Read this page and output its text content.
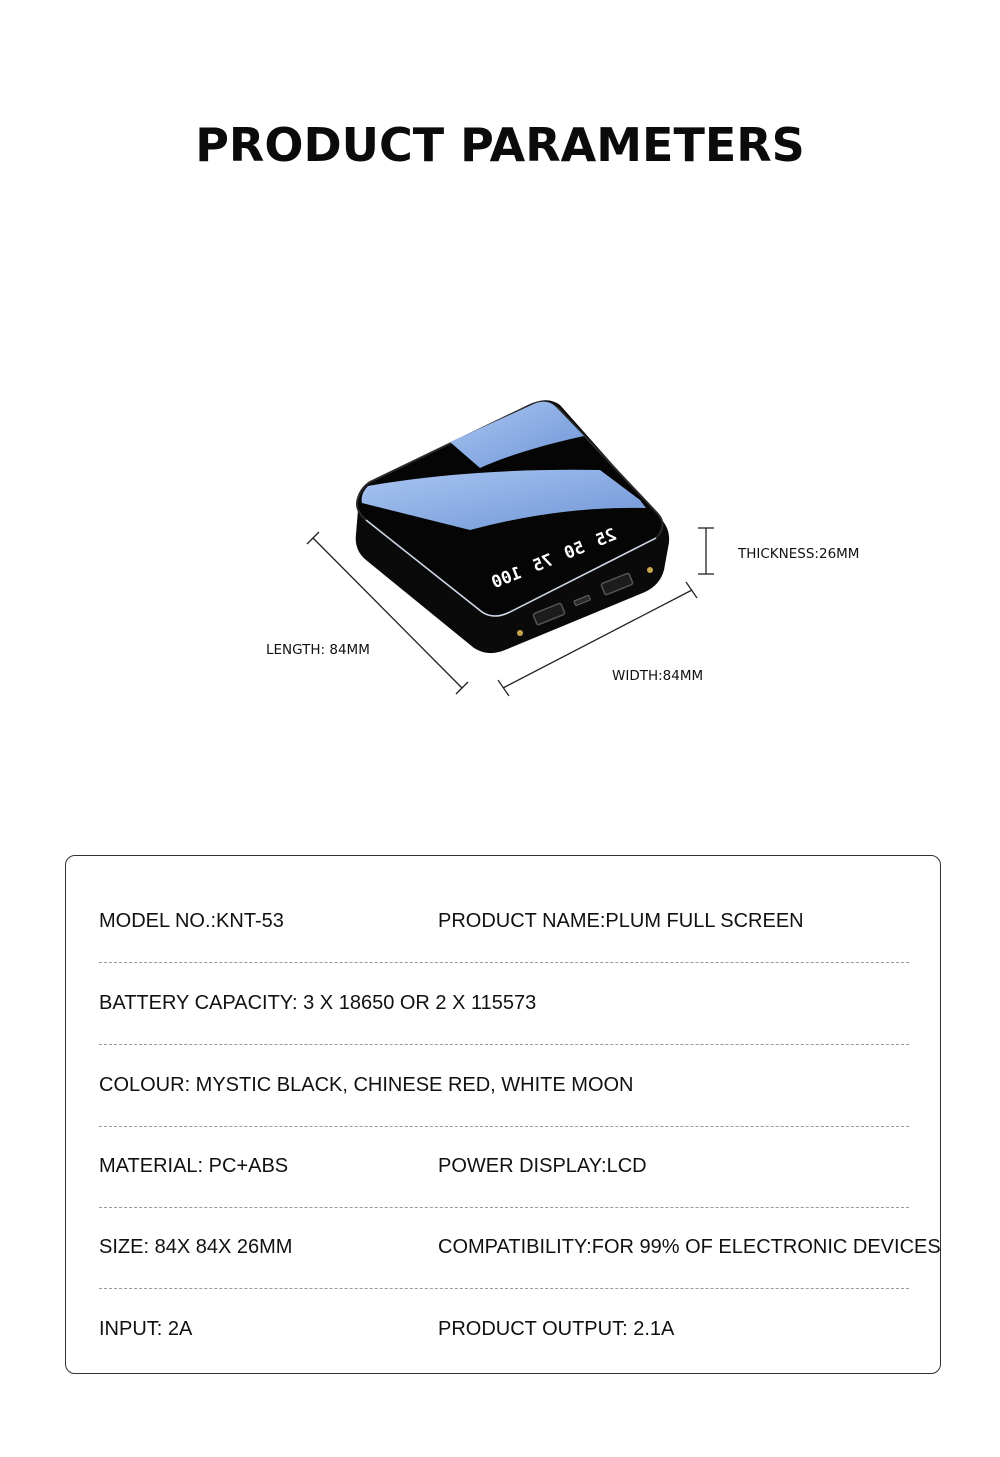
PRODUCT PARAMETERS
25
50
75
100
THICKNESS:26MM
LENGTH: 84MM
WIDTH:84MM
MODEL NO.:KNT-53	PRODUCT NAME:PLUM FULL SCREEN
BATTERY CAPACITY: 3 X 18650 OR 2 X 115573
COLOUR: MYSTIC BLACK, CHINESE RED, WHITE MOON
MATERIAL: PC+ABS	POWER DISPLAY:LCD
SIZE: 84X 84X 26MM	COMPATIBILITY:FOR 99% OF ELECTRONIC DEVICES
INPUT: 2A	PRODUCT OUTPUT: 2.1A
